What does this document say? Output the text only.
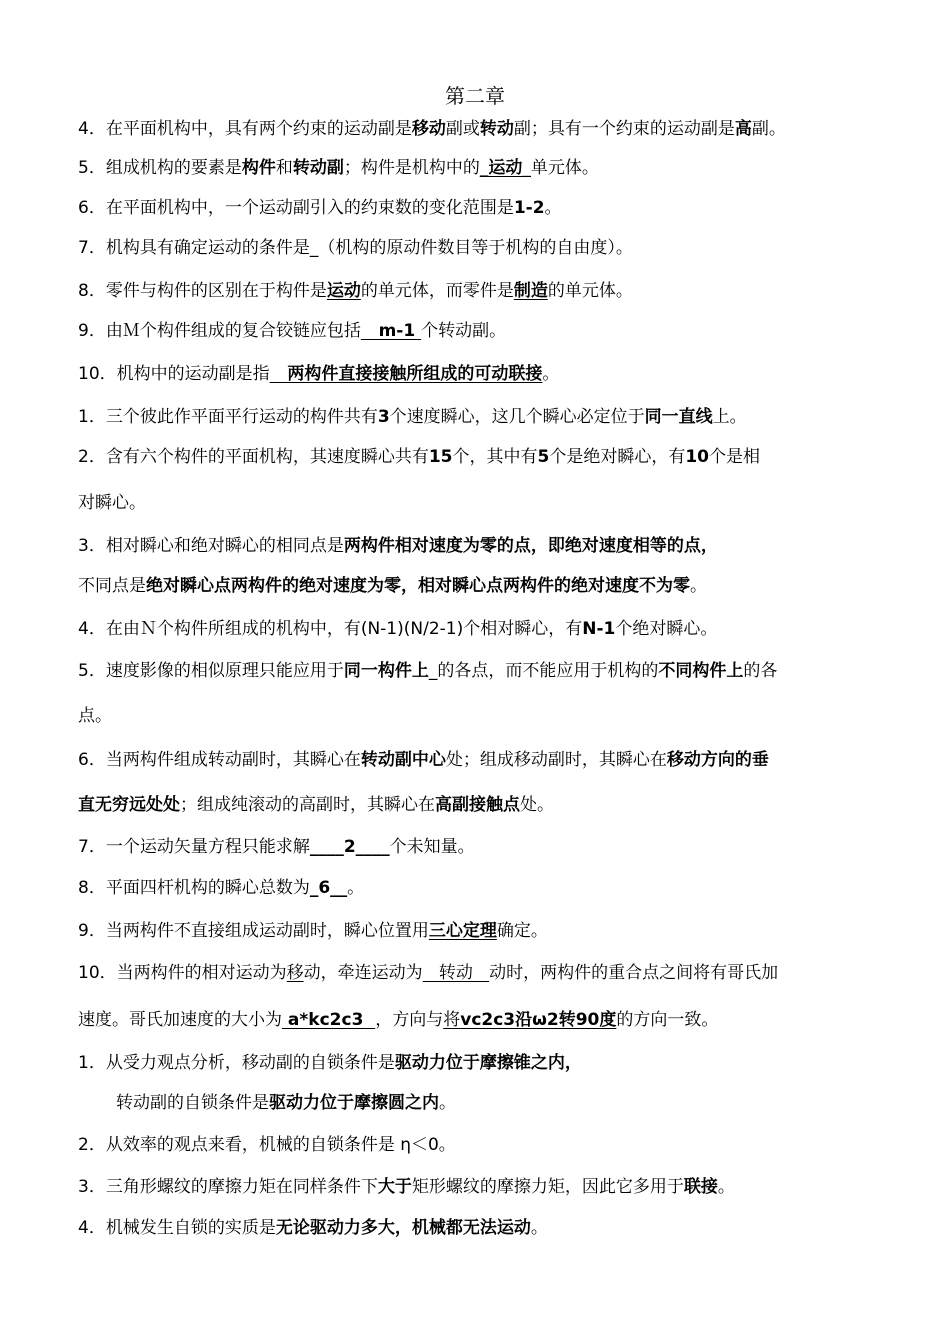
第二章
4．在平面机构中，具有两个约束的运动副是移动副或转动副；具有一个约束的运动副是高副。
5．组成机构的要素是构件和转动副；构件是机构中的_运动_单元体。
6．在平面机构中，一个运动副引入的约束数的变化范围是1-2。
7．机构具有确定运动的条件是_（机构的原动件数目等于机构的自由度）。
8．零件与构件的区别在于构件是运动的单元体，而零件是制造的单元体。
9．由Ｍ个构件组成的复合铰链应包括   m-1 个转动副。
10．机构中的运动副是指   两构件直接接触所组成的可动联接。
1．三个彼此作平面平行运动的构件共有3个速度瞬心，这几个瞬心必定位于同一直线上。
2．含有六个构件的平面机构，其速度瞬心共有15个，其中有5个是绝对瞬心，有10个是相
对瞬心。
3．相对瞬心和绝对瞬心的相同点是两构件相对速度为零的点，即绝对速度相等的点，
不同点是绝对瞬心点两构件的绝对速度为零，相对瞬心点两构件的绝对速度不为零。
4．在由Ｎ个构件所组成的机构中，有(N-1)(N/2-1)个相对瞬心，有N-1个绝对瞬心。
5．速度影像的相似原理只能应用于同一构件上_的各点，而不能应用于机构的不同构件上的各
点。
6．当两构件组成转动副时，其瞬心在转动副中心处；组成移动副时，其瞬心在移动方向的垂
直无穷远处处；组成纯滚动的高副时，其瞬心在高副接触点处。
7．一个运动矢量方程只能求解____2____个未知量。
8．平面四杆机构的瞬心总数为_6__。
9．当两构件不直接组成运动副时，瞬心位置用三心定理确定。
10．当两构件的相对运动为移动，牵连运动为   转动   动时，两构件的重合点之间将有哥氏加
速度。哥氏加速度的大小为 a*kc2c3  ，方向与将vc2c3沿ω2转90度的方向一致。
1．从受力观点分析，移动副的自锁条件是驱动力位于摩擦锥之内，
转动副的自锁条件是驱动力位于摩擦圆之内。
2．从效率的观点来看，机械的自锁条件是 η＜0。
3．三角形螺纹的摩擦力矩在同样条件下大于矩形螺纹的摩擦力矩，因此它多用于联接。
4．机械发生自锁的实质是无论驱动力多大，机械都无法运动。
